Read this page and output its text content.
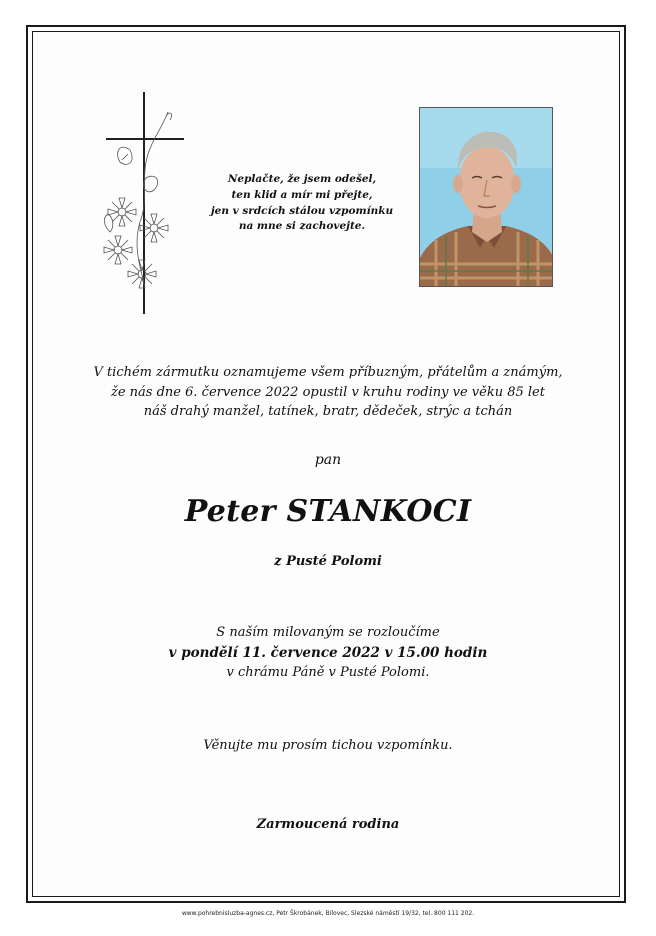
Neplačte, že jsem odešel,
ten klid a mír mi přejte,
jen v srdcích stálou vzpomínku
na mne si zachovejte.
V tichém zármutku oznamujeme všem příbuzným, přátelům a známým,
že nás dne 6. července 2022 opustil v kruhu rodiny ve věku 85 let
náš drahý manžel, tatínek, bratr, dědeček, strýc a tchán
pan
Peter STANKOCI
z Pusté Polomi
S naším milovaným se rozloučíme
v pondělí 11. července 2022 v 15.00 hodin
v chrámu Páně v Pusté Polomi.
Věnujte mu prosím tichou vzpomínku.
Zarmoucená rodina
www.pohrebnisluzba-agnes.cz, Petr Škrobánek, Bílovec, Slezské náměstí 19/32, tel. 800 111 202.
